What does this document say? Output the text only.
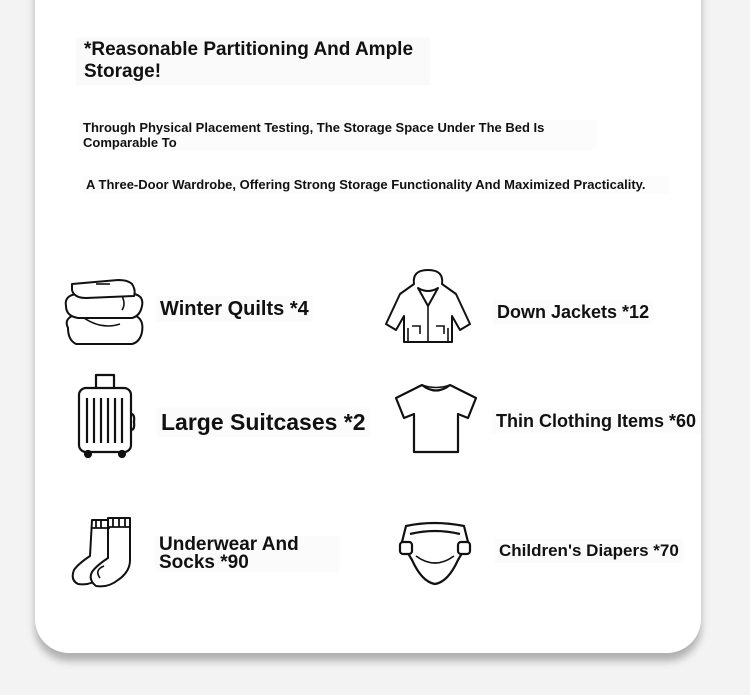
*Reasonable Partitioning And Ample Storage!
Through Physical Placement Testing, The Storage Space Under The Bed Is Comparable To
A Three-Door Wardrobe, Offering Strong Storage Functionality And Maximized Practicality.
Winter Quilts *4	Down Jackets *12
Large Suitcases *2	Thin Clothing Items *60
Underwear And Socks *90
Children's Diapers *70
